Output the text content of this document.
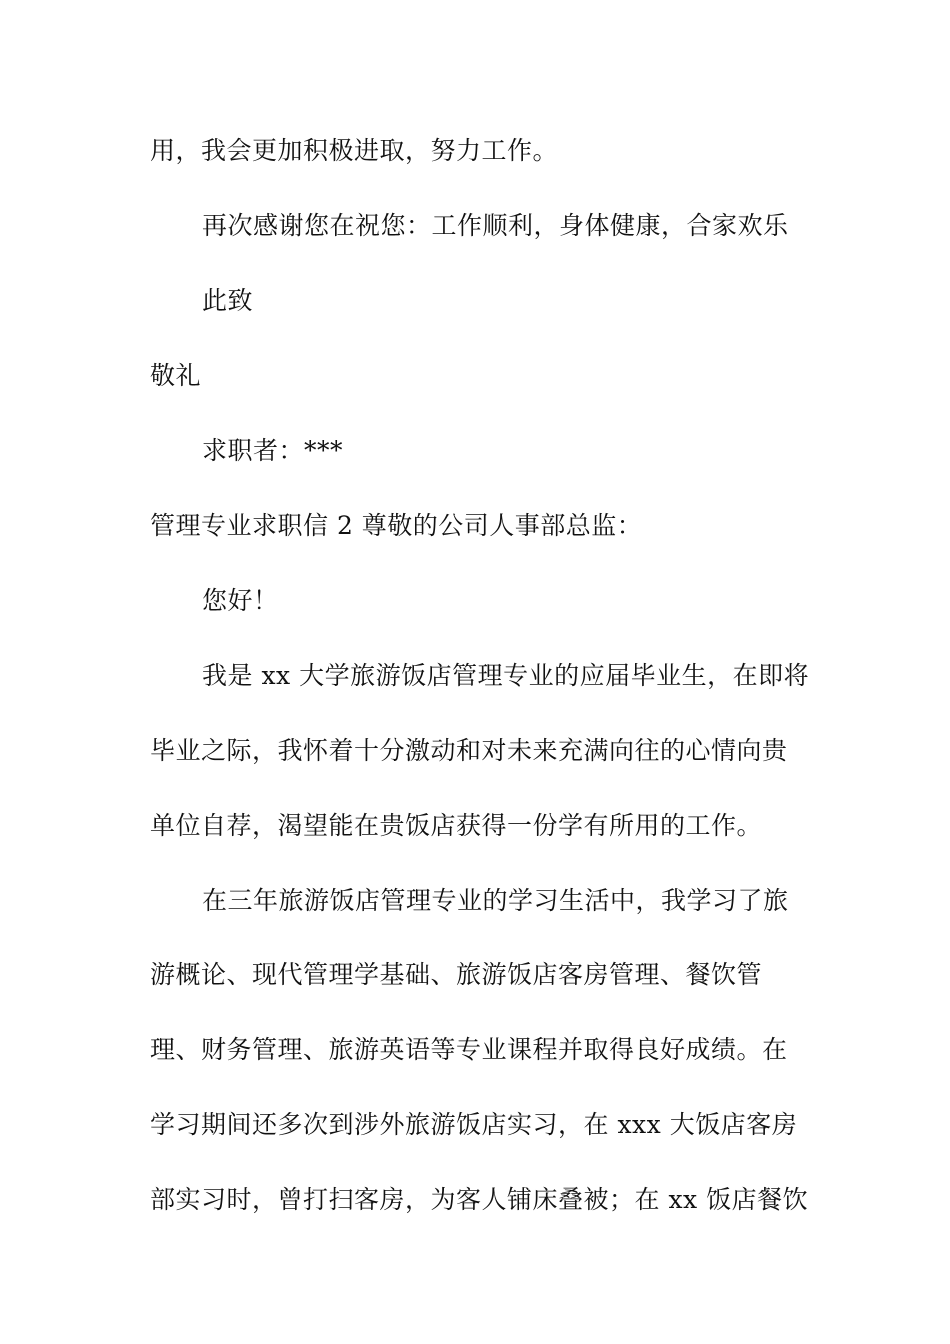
用，我会更加积极进取，努力工作。
再次感谢您在祝您：工作顺利，身体健康，合家欢乐
此致
敬礼
求职者：***
管理专业求职信 2 尊敬的公司人事部总监：
您好！
我是 xx 大学旅游饭店管理专业的应届毕业生，在即将
毕业之际，我怀着十分激动和对未来充满向往的心情向贵
单位自荐，渴望能在贵饭店获得一份学有所用的工作。
在三年旅游饭店管理专业的学习生活中，我学习了旅
游概论、现代管理学基础、旅游饭店客房管理、餐饮管
理、财务管理、旅游英语等专业课程并取得良好成绩。在
学习期间还多次到涉外旅游饭店实习，在 xxx 大饭店客房
部实习时，曾打扫客房，为客人铺床叠被；在 xx 饭店餐饮
